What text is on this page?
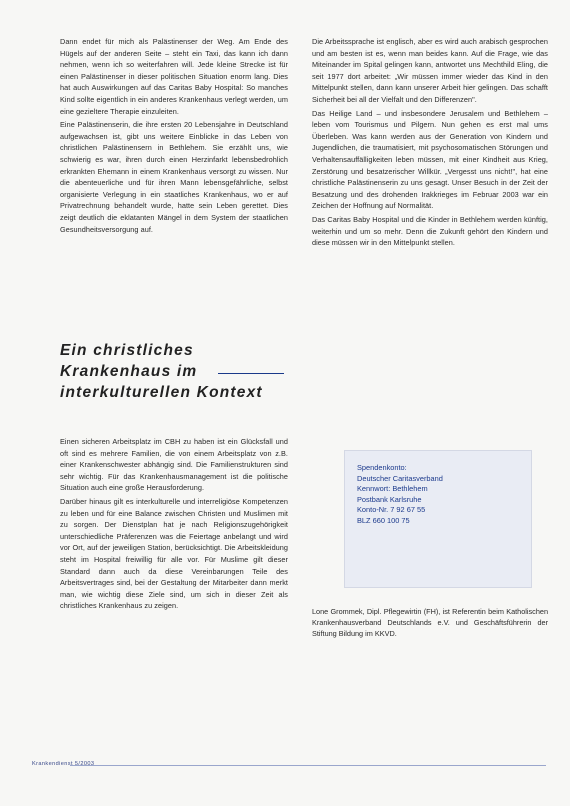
Dann endet für mich als Palästinenser der Weg. Am Ende des Hügels auf der anderen Seite – steht ein Taxi, das kann ich dann nehmen, wenn ich so weiterfahren will. Jede kleine Strecke ist für einen Palästinenser in dieser politischen Situation enorm lang. Dies hat auch Auswirkungen auf das Caritas Baby Hospital: So manches Kind sollte eigentlich in ein anderes Krankenhaus verlegt werden, um eine gezieltere Therapie einzuleiten.

Eine Palästinenserin, die ihre ersten 20 Lebensjahre in Deutschland aufgewachsen ist, gibt uns weitere Einblicke in das Leben von christlichen Palästinensern in Bethlehem. Sie erzählt uns, wie schwierig es war, ihren durch einen Herzinfarkt lebensbedrohlich erkrankten Ehemann in einem Krankenhaus versorgt zu wissen. Nur die abenteuerliche und für ihren Mann lebensgefährliche, selbst organisierte Verlegung in ein staatliches Krankenhaus, wo er auf Privatrechnung behandelt wurde, hatte sein Leben gerettet. Dies zeigt deutlich die eklatanten Mängel in dem System der staatlichen Gesundheitsversorgung auf.

Die Arbeitssprache ist englisch, aber es wird auch arabisch gesprochen und am besten ist es, wenn man beides kann. Auf die Frage, wie das Miteinander im Spital gelingen kann, antwortet uns Mechthild Eling, die seit 1977 dort arbeitet: „Wir müssen immer wieder das Kind in den Mittelpunkt stellen, dann kann unserer Arbeit hier gelingen. Das schafft Sicherheit bei all der Vielfalt und den Differenzen".

Das Heilige Land – und insbesondere Jerusalem und Bethlehem – leben vom Tourismus und Pilgern. Nun gehen es erst mal ums Überleben. Was kann werden aus der Generation von Kindern und Jugendlichen, die traumatisiert, mit psychosomatischen Störungen und Verhaltensauffälligkeiten leben müssen, mit einer Kindheit aus Krieg, Zerstörung und besatzerischer Willkür. „Vergesst uns nicht!", hat eine christliche Palästinenserin zu uns gesagt. Unser Besuch in der Zeit der Besatzung und des drohenden Irakkrieges im Februar 2003 war ein Zeichen der Hoffnung auf Normalität.

Das Caritas Baby Hospital und die Kinder in Bethlehem werden künftig, weiterhin und um so mehr. Denn die Zukunft gehört den Kindern und diese müssen wir in den Mittelpunkt stellen.

Ein christliches Krankenhaus im interkulturellen Kontext

Einen sicheren Arbeitsplatz im CBH zu haben ist ein Glücksfall und oft sind es mehrere Familien, die von einem Arbeitsplatz von z.B. einer Krankenschwester abhängig sind. Die Familienstrukturen sind sehr wichtig. Für das Krankenhausmanagement ist die politische Situation auch eine große Herausforderung.

Darüber hinaus gilt es interkulturelle und interreligiöse Kompetenzen zu leben und für eine Balance zwischen Christen und Muslimen mit zu sorgen. Der Dienstplan hat je nach Religionszugehörigkeit unterschiedliche Präferenzen was die Feiertage anbelangt und wird vor Ort, auf der jeweiligen Station, berücksichtigt. Die Arbeitskleidung steht im Hospital freiwillig für alle vor. Für Muslime gilt dieser Standard dann auch da diese Vereinbarungen Teile des Arbeitsvertrages sind, bei der Gestaltung der Mitarbeiter dann merkt man, wie wichtig diese Ziele sind, um sich in dieser Zeit als christliches Krankenhaus zu zeigen.

Spendenkonto:
Deutscher Caritasverband
Kennwort: Bethlehem
Postbank Karlsruhe
Konto-Nr. 7 92 67 55
BLZ 660 100 75

Lone Grommek, Dipl. Pflegewirtin (FH), ist Referentin beim Katholischen Krankenhausverband Deutschlands e.V. und Geschäftsführerin der Stiftung Bildung im KKVD.

Krankendienst 5/2003
